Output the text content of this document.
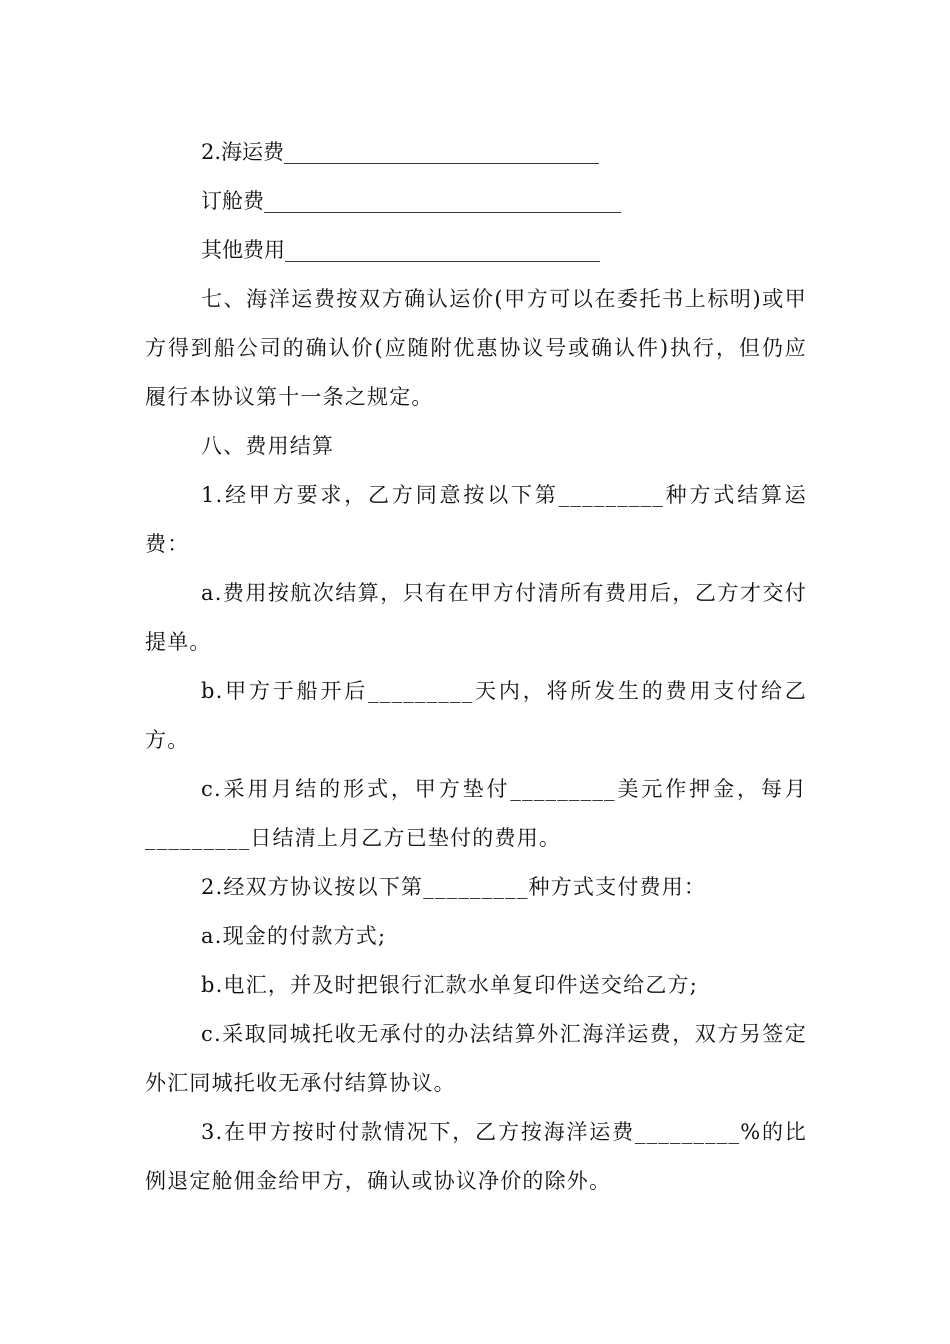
2.海运费______________________________

订舱费__________________________________

其他费用______________________________

七、海洋运费按双方确认运价(甲方可以在委托书上标明)或甲方得到船公司的确认价(应随附优惠协议号或确认件)执行，但仍应履行本协议第十一条之规定。

八、费用结算

1.经甲方要求，乙方同意按以下第_________种方式结算运费：

a.费用按航次结算，只有在甲方付清所有费用后，乙方才交付提单。

b.甲方于船开后_________天内，将所发生的费用支付给乙方。

c.采用月结的形式，甲方垫付_________美元作押金，每月_________日结清上月乙方已垫付的费用。

2.经双方协议按以下第_________种方式支付费用：

a.现金的付款方式;

b.电汇，并及时把银行汇款水单复印件送交给乙方;

c.采取同城托收无承付的办法结算外汇海洋运费，双方另签定外汇同城托收无承付结算协议。

3.在甲方按时付款情况下，乙方按海洋运费_________%的比例退定舱佣金给甲方，确认或协议净价的除外。
